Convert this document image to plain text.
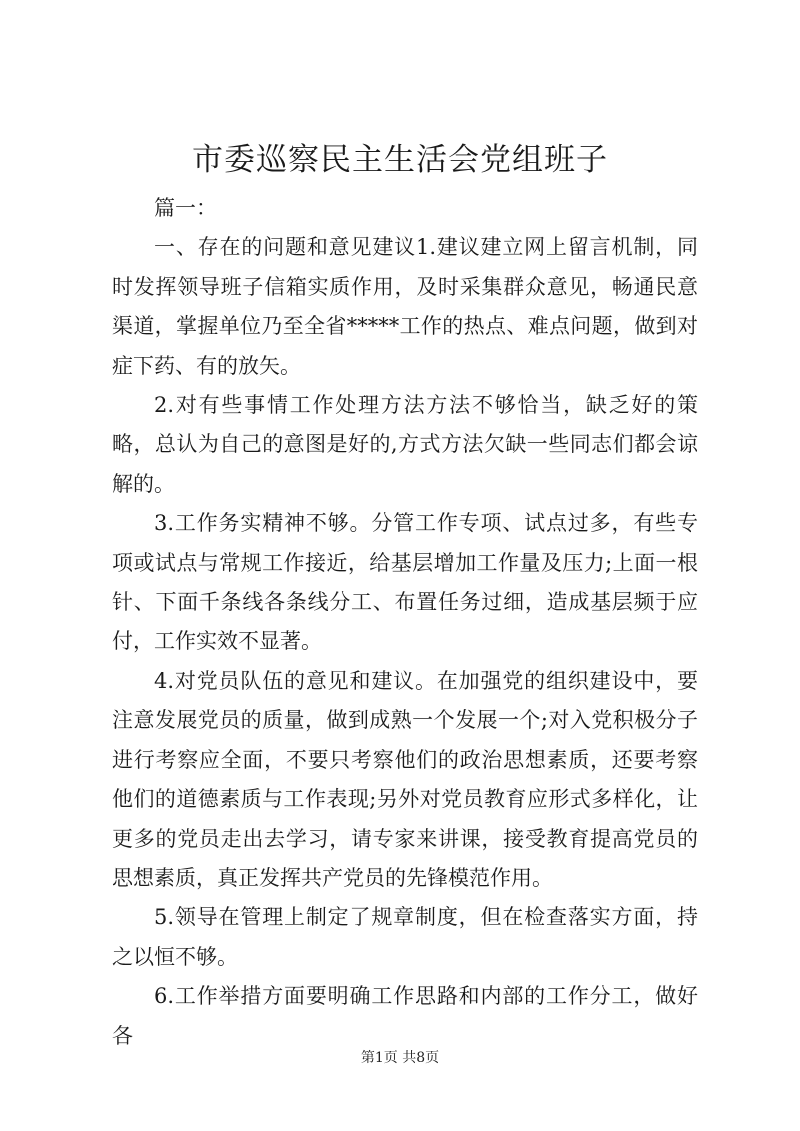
市委巡察民主生活会党组班子

篇一：

一、存在的问题和意见建议1.建议建立网上留言机制，同时发挥领导班子信箱实质作用，及时采集群众意见，畅通民意渠道，掌握单位乃至全省*****工作的热点、难点问题，做到对症下药、有的放矢。

2.对有些事情工作处理方法方法不够恰当，缺乏好的策略，总认为自己的意图是好的,方式方法欠缺一些同志们都会谅解的。

3.工作务实精神不够。分管工作专项、试点过多，有些专项或试点与常规工作接近，给基层增加工作量及压力;上面一根针、下面千条线各条线分工、布置任务过细，造成基层频于应付，工作实效不显著。

4.对党员队伍的意见和建议。在加强党的组织建设中，要注意发展党员的质量，做到成熟一个发展一个;对入党积极分子进行考察应全面，不要只考察他们的政治思想素质，还要考察他们的道德素质与工作表现;另外对党员教育应形式多样化，让更多的党员走出去学习，请专家来讲课，接受教育提高党员的思想素质，真正发挥共产党员的先锋模范作用。

5.领导在管理上制定了规章制度，但在检查落实方面，持之以恒不够。

6.工作举措方面要明确工作思路和内部的工作分工，做好各

第1页 共8页
